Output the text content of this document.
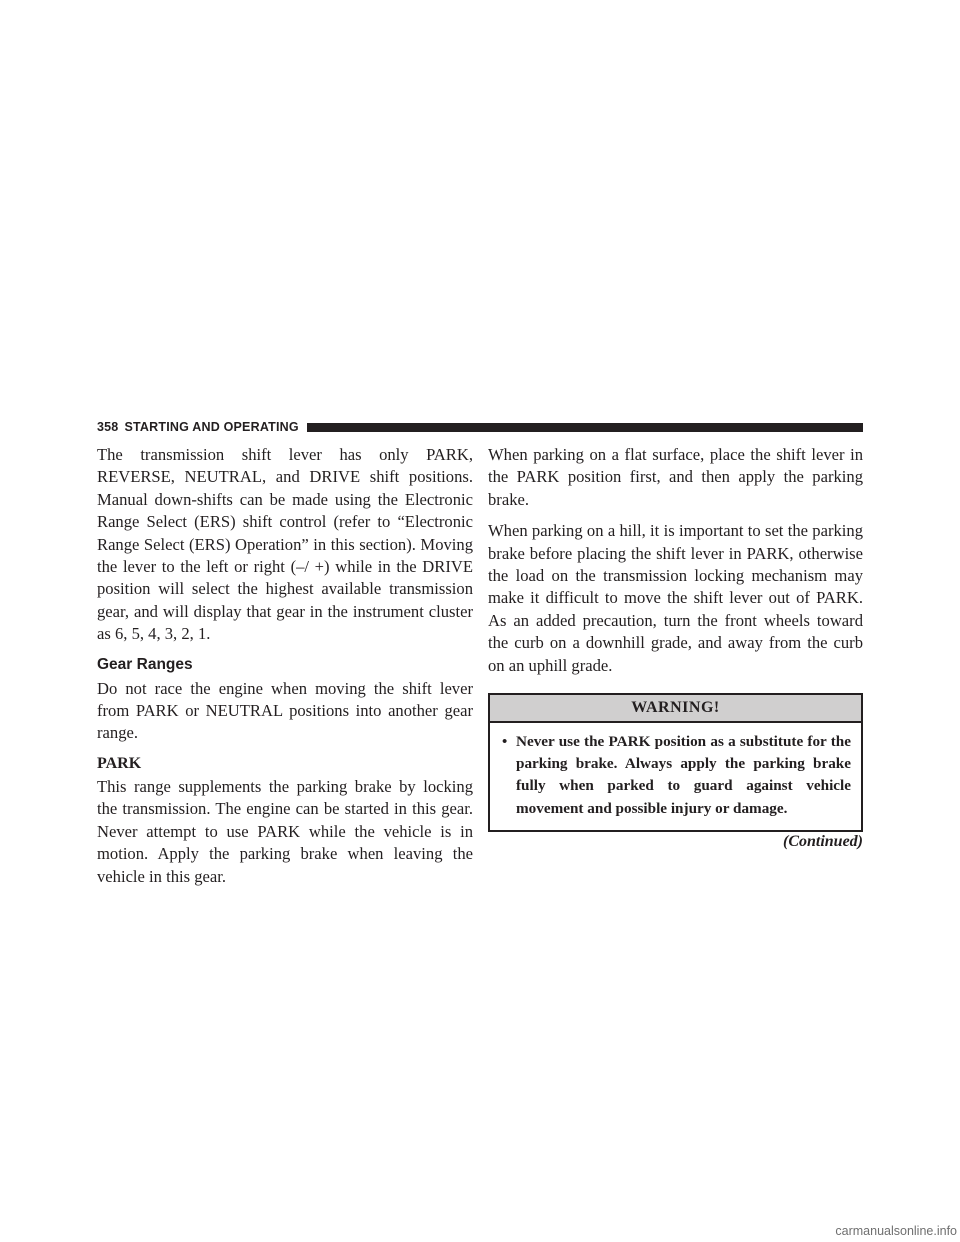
358 STARTING AND OPERATING

The transmission shift lever has only PARK, REVERSE, NEUTRAL, and DRIVE shift positions. Manual down-shifts can be made using the Electronic Range Select (ERS) shift control (refer to “Electronic Range Select (ERS) Operation” in this section). Moving the lever to the left or right (–/ +) while in the DRIVE position will select the highest available transmission gear, and will display that gear in the instrument cluster as 6, 5, 4, 3, 2, 1.

Gear Ranges

Do not race the engine when moving the shift lever from PARK or NEUTRAL positions into another gear range.

PARK

This range supplements the parking brake by locking the transmission. The engine can be started in this gear. Never attempt to use PARK while the vehicle is in motion. Apply the parking brake when leaving the vehicle in this gear.

When parking on a flat surface, place the shift lever in the PARK position first, and then apply the parking brake.

When parking on a hill, it is important to set the parking brake before placing the shift lever in PARK, otherwise the load on the transmission locking mechanism may make it difficult to move the shift lever out of PARK. As an added precaution, turn the front wheels toward the curb on a downhill grade, and away from the curb on an uphill grade.

WARNING!
• Never use the PARK position as a substitute for the parking brake. Always apply the parking brake fully when parked to guard against vehicle movement and possible injury or damage.
(Continued)
carmanualsonline.info
